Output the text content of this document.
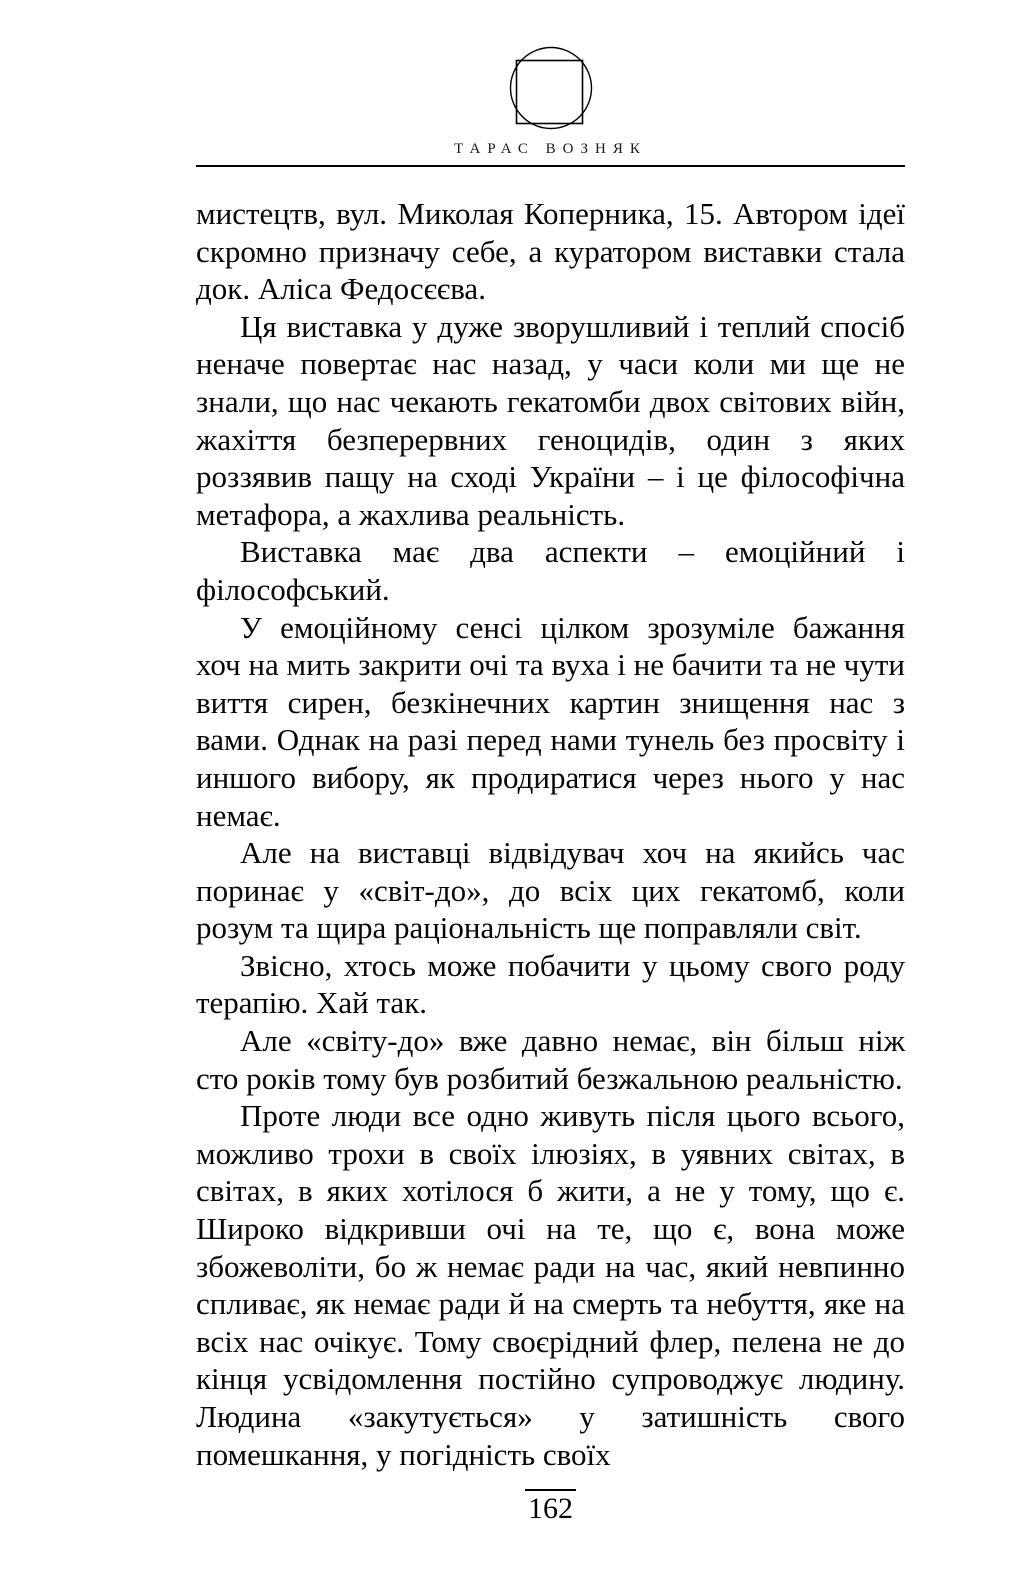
ТАРАС ВОЗНЯК

мистецтв, вул. Миколая Коперника, 15. Автором ідеї скромно призначу себе, а куратором виставки стала док. Аліса Федосєєва.

Ця виставка у дуже зворушливий і теплий спосіб неначе повертає нас назад, у часи коли ми ще не знали, що нас чекають гекатомби двох світових війн, жахіття безперервних геноцидів, один з яких роззявив пащу на сході України – і це філософічна метафора, а жахлива реальність.

Виставка має два аспекти – емоційний і філософський.

У емоційному сенсі цілком зрозуміле бажання хоч на мить закрити очі та вуха і не бачити та не чути виття сирен, безкінечних картин знищення нас з вами. Однак на разі перед нами тунель без просвіту і иншого вибору, як продиратися через нього у нас немає.

Але на виставці відвідувач хоч на якийсь час поринає у «світ-до», до всіх цих гекатомб, коли розум та щира раціональність ще поправляли світ.

Звісно, хтось може побачити у цьому свого роду терапію. Хай так.

Але «світу-до» вже давно немає, він більш ніж сто років тому був розбитий безжальною реальністю.

Проте люди все одно живуть після цього всього, можливо трохи в своїх ілюзіях, в уявних світах, в світах, в яких хотілося б жити, а не у тому, що є. Широко відкривши очі на те, що є, вона може збожеволіти, бо ж немає ради на час, який невпинно спливає, як немає ради й на смерть та небуття, яке на всіх нас очікує. Тому своєрідний флер, пелена не до кінця усвідомлення постійно супроводжує людину. Людина «закутується» у затишність свого помешкання, у погідність своїх

162
